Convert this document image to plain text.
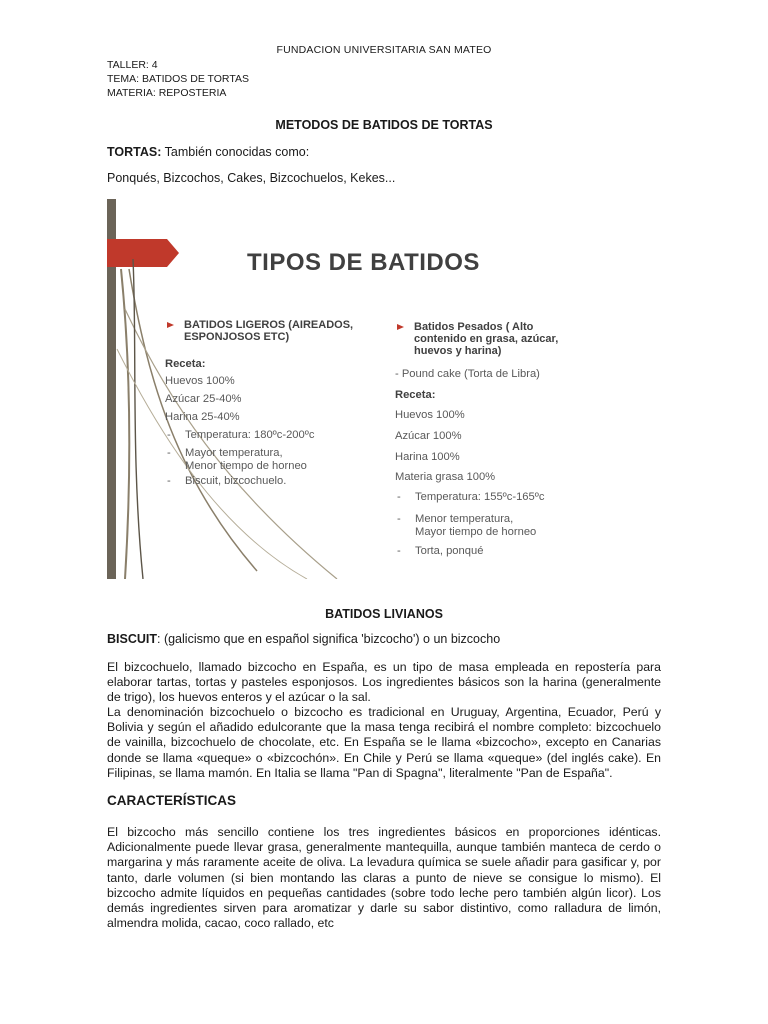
FUNDACION UNIVERSITARIA SAN MATEO
TALLER: 4
TEMA: BATIDOS DE TORTAS
MATERIA: REPOSTERIA
METODOS DE BATIDOS DE TORTAS
TORTAS: También conocidas como:
Ponqués, Bizcochos, Cakes, Bizcochuelos, Kekes...
TIPOS DE BATIDOS
BATIDOS LIGEROS (AIREADOS, ESPONJOSOS ETC)
Receta:
Huevos 100%
Azúcar 25-40%
Harina 25-40%
- Temperatura: 180ºc-200ºc
- Mayor temperatura,
Menor tiempo de horneo
- Biscuit, bizcochuelo.
Batidos Pesados ( Alto contenido en grasa, azúcar, huevos y harina)
- Pound cake (Torta de Libra)
Receta:
Huevos 100%
Azúcar 100%
Harina 100%
Materia grasa 100%
- Temperatura: 155ºc-165ºc
- Menor temperatura,
Mayor tiempo de horneo
- Torta, ponqué
BATIDOS LIVIANOS
BISCUIT: (galicismo que en español significa 'bizcocho') o un bizcocho
El bizcochuelo, llamado bizcocho en España, es un tipo de masa empleada en repostería para elaborar tartas, tortas y pasteles esponjosos. Los ingredientes básicos son la harina (generalmente de trigo), los huevos enteros y el azúcar o la sal.
La denominación bizcochuelo o bizcocho es tradicional en Uruguay, Argentina, Ecuador, Perú y Bolivia y según el añadido edulcorante que la masa tenga recibirá el nombre completo: bizcochuelo de vainilla, bizcochuelo de chocolate, etc. En España se le llama «bizcocho», excepto en Canarias donde se llama «queque» o «bizcochón». En Chile y Perú se llama «queque» (del inglés cake). En Filipinas, se llama mamón. En Italia se llama "Pan di Spagna", literalmente "Pan de España".
CARACTERÍSTICAS
El bizcocho más sencillo contiene los tres ingredientes básicos en proporciones idénticas. Adicionalmente puede llevar grasa, generalmente mantequilla, aunque también manteca de cerdo o margarina y más raramente aceite de oliva. La levadura química se suele añadir para gasificar y, por tanto, darle volumen (si bien montando las claras a punto de nieve se consigue lo mismo). El bizcocho admite líquidos en pequeñas cantidades (sobre todo leche pero también algún licor). Los demás ingredientes sirven para aromatizar y darle su sabor distintivo, como ralladura de limón, almendra molida, cacao, coco rallado, etc
